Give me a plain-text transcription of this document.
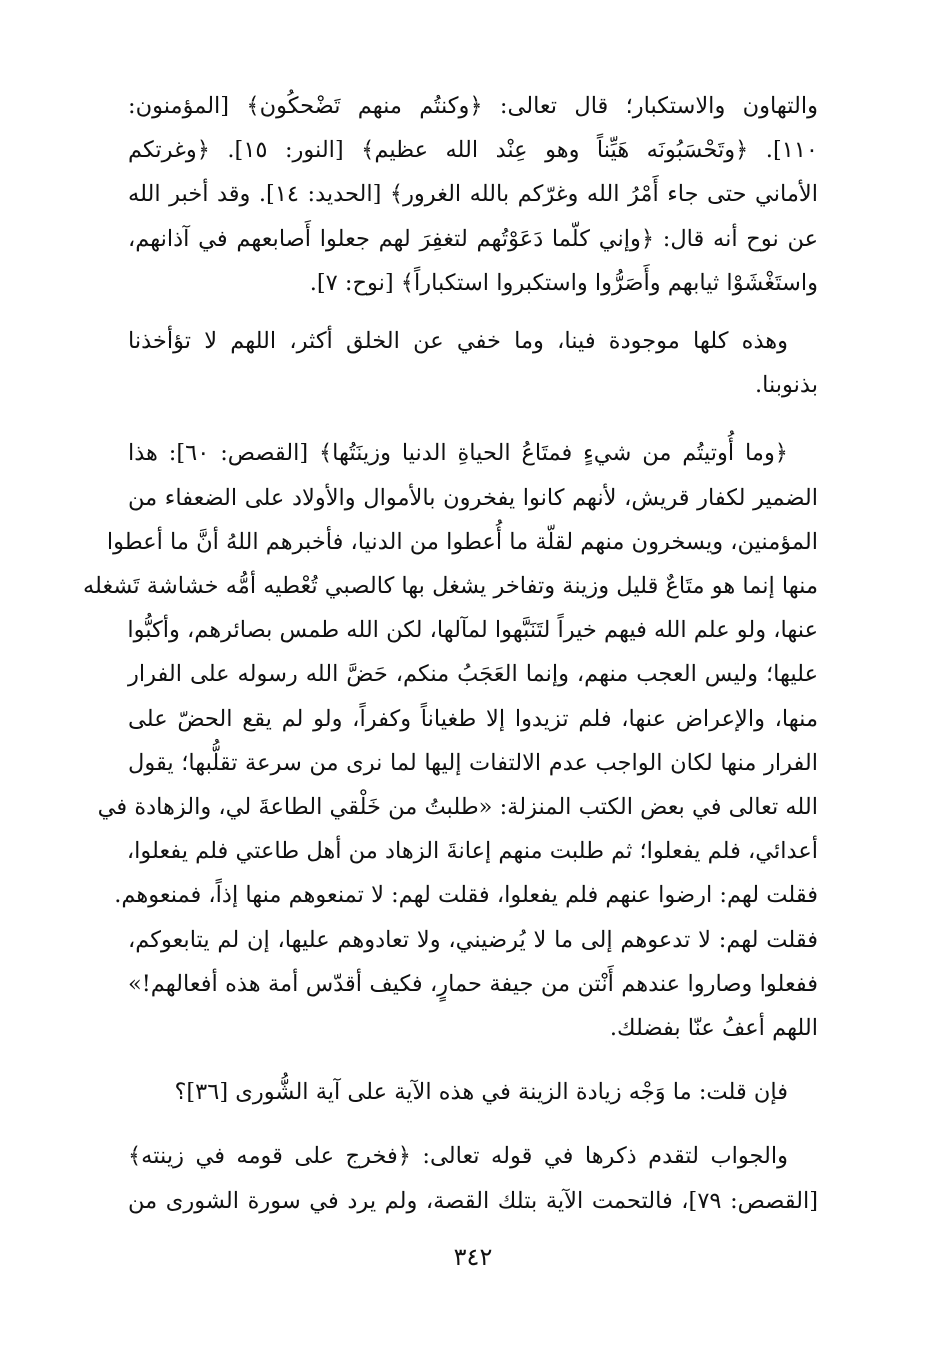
والتهاون والاستكبار؛ قال تعالى: ﴿وكنتُم منهم تَضْحكُون﴾ [المؤمنون:
١١٠]. ﴿وتَحْسَبُونَه هَيِّناً وهو عِنْد الله عظيم﴾ [النور: ١٥]. ﴿وغرتكم
الأماني حتى جاء أَمْرُ الله وغرّكم بالله الغرور﴾ [الحديد: ١٤]. وقد أخبر الله
عن نوح أنه قال: ﴿وإني كلّما دَعَوْتُهم لتغفِرَ لهم جعلوا أَصابعهم في آذانهم،
واستَغْشَوْا ثيابهم وأَصَرُّوا واستكبروا استكباراً﴾ [نوح: ٧].

وهذه كلها موجودة فينا، وما خفي عن الخلق أكثر، اللهم لا تؤأخذنا
بذنوبنا.

﴿وما أُوتيتُم من شيءٍ فمتَاعُ الحياةِ الدنيا وزينَتُها﴾ [القصص: ٦٠]: هذا
الضمير لكفار قريش، لأنهم كانوا يفخرون بالأموال والأولاد على الضعفاء من
المؤمنين، ويسخرون منهم لقلّة ما أُعطوا من الدنيا، فأخبرهم اللهُ أنَّ ما أعطوا
منها إنما هو متَاعٌ قليل وزينة وتفاخر يشغل بها كالصبي تُعْطيه أمُّه خشاشة تَشغله
عنها، ولو علم الله فيهم خيراً لتَنَبَّهوا لمآلها، لكن الله طمس بصائرهم، وأكبُّوا
عليها؛ وليس العجب منهم، وإنما العَجَبُ منكم، حَضَّ الله رسوله على الفرار
منها، والإعراض عنها، فلم تزيدوا إلا طغياناً وكفراً، ولو لم يقع الحضّ على
الفرار منها لكان الواجب عدم الالتفات إليها لما نرى من سرعة تقلُّبها؛ يقول
الله تعالى في بعض الكتب المنزلة: «طلبتُ من خَلْقي الطاعةَ لي، والزهادة في
أعدائي، فلم يفعلوا؛ ثم طلبت منهم إعانةَ الزهاد من أهل طاعتي فلم يفعلوا،
فقلت لهم: ارضوا عنهم فلم يفعلوا، فقلت لهم: لا تمنعوهم منها إذاً، فمنعوهم.
فقلت لهم: لا تدعوهم إلى ما لا يُرضيني، ولا تعادوهم عليها، إن لم يتابعوكم،
ففعلوا وصاروا عندهم أَنْتن من جيفة حمارٍ، فكيف أقدّس أمة هذه أفعالهم!»
اللهم أعفُ عنّا بفضلك.

فإن قلت: ما وَجْه زيادة الزينة في هذه الآية على آية الشُّورى [٣٦]؟

والجواب لتقدم ذكرها في قوله تعالى: ﴿فخرج على قومه في زينته﴾
[القصص: ٧٩]، فالتحمت الآية بتلك القصة، ولم يرد في سورة الشورى من

٣٤٢
